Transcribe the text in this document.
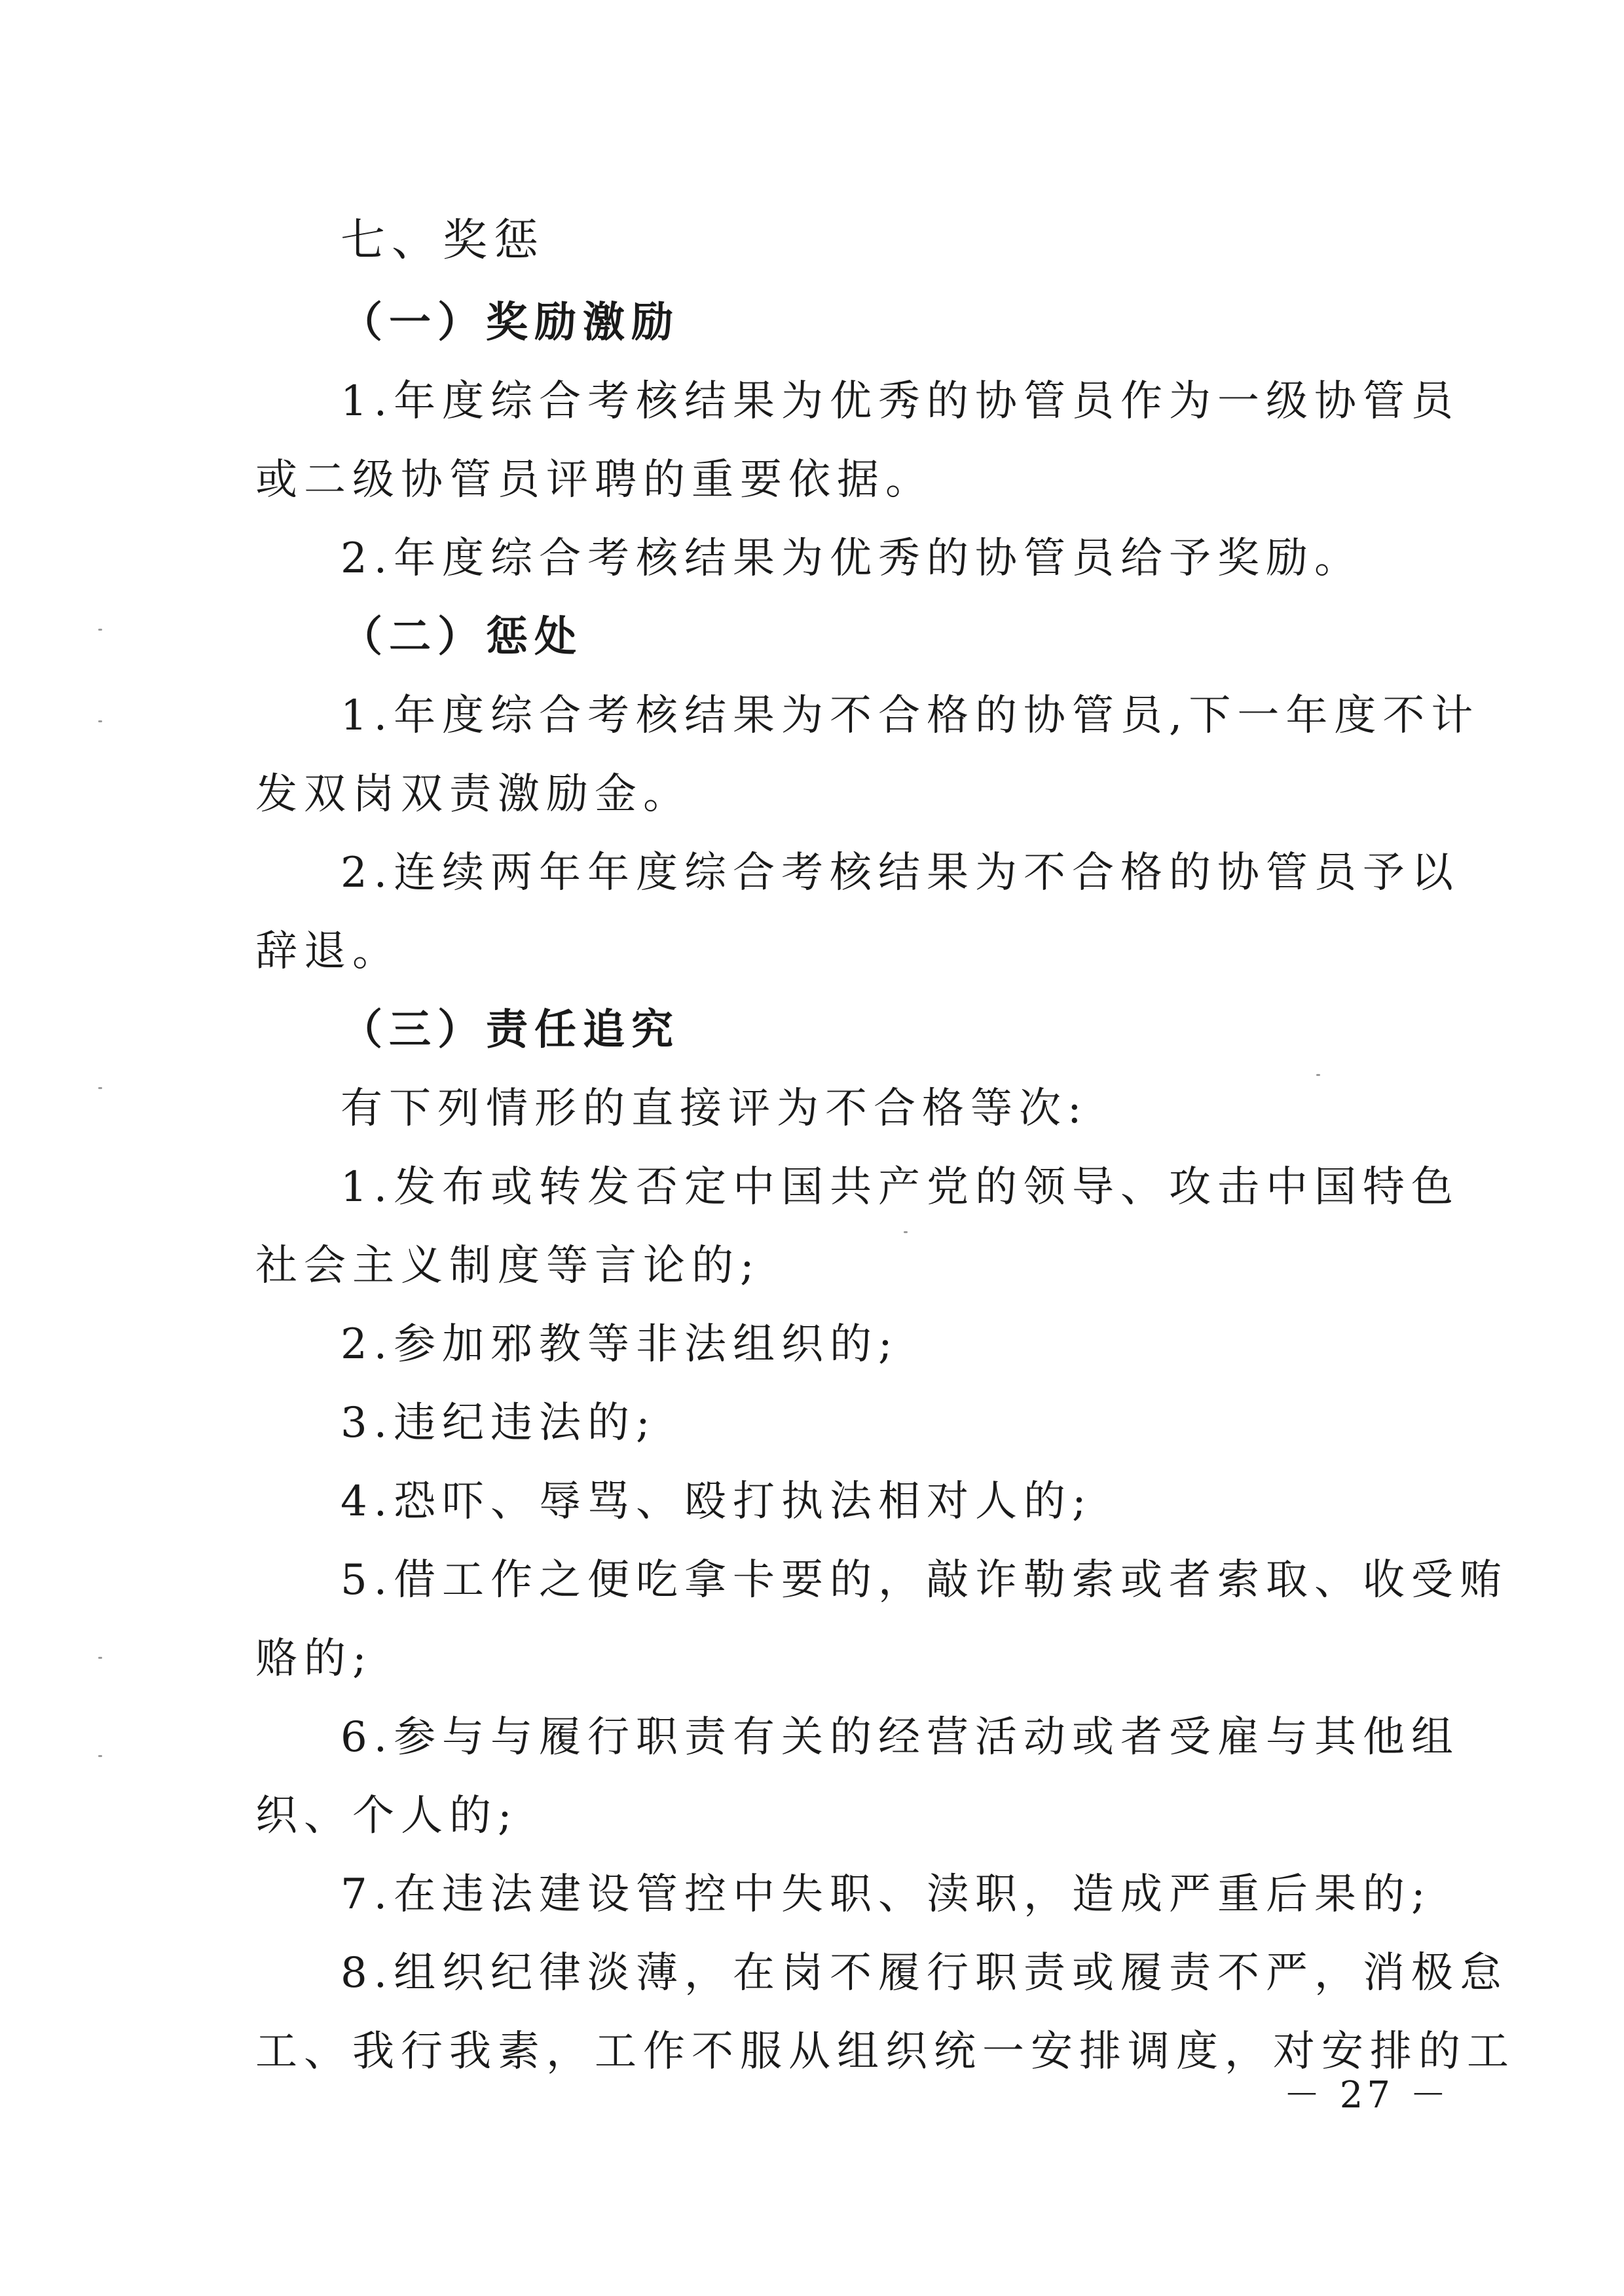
七、奖惩
（一）奖励激励
1.年度综合考核结果为优秀的协管员作为一级协管员
或二级协管员评聘的重要依据。
2.年度综合考核结果为优秀的协管员给予奖励。
（二）惩处
1.年度综合考核结果为不合格的协管员,下一年度不计
发双岗双责激励金。
2.连续两年年度综合考核结果为不合格的协管员予以
辞退。
（三）责任追究
有下列情形的直接评为不合格等次:
1.发布或转发否定中国共产党的领导、攻击中国特色
社会主义制度等言论的;
2.参加邪教等非法组织的;
3.违纪违法的;
4.恐吓、辱骂、殴打执法相对人的;
5.借工作之便吃拿卡要的，敲诈勒索或者索取、收受贿
赂的;
6.参与与履行职责有关的经营活动或者受雇与其他组
织、个人的;
7.在违法建设管控中失职、渎职，造成严重后果的;
8.组织纪律淡薄，在岗不履行职责或履责不严，消极怠
工、我行我素，工作不服从组织统一安排调度，对安排的工
－ 27 －
